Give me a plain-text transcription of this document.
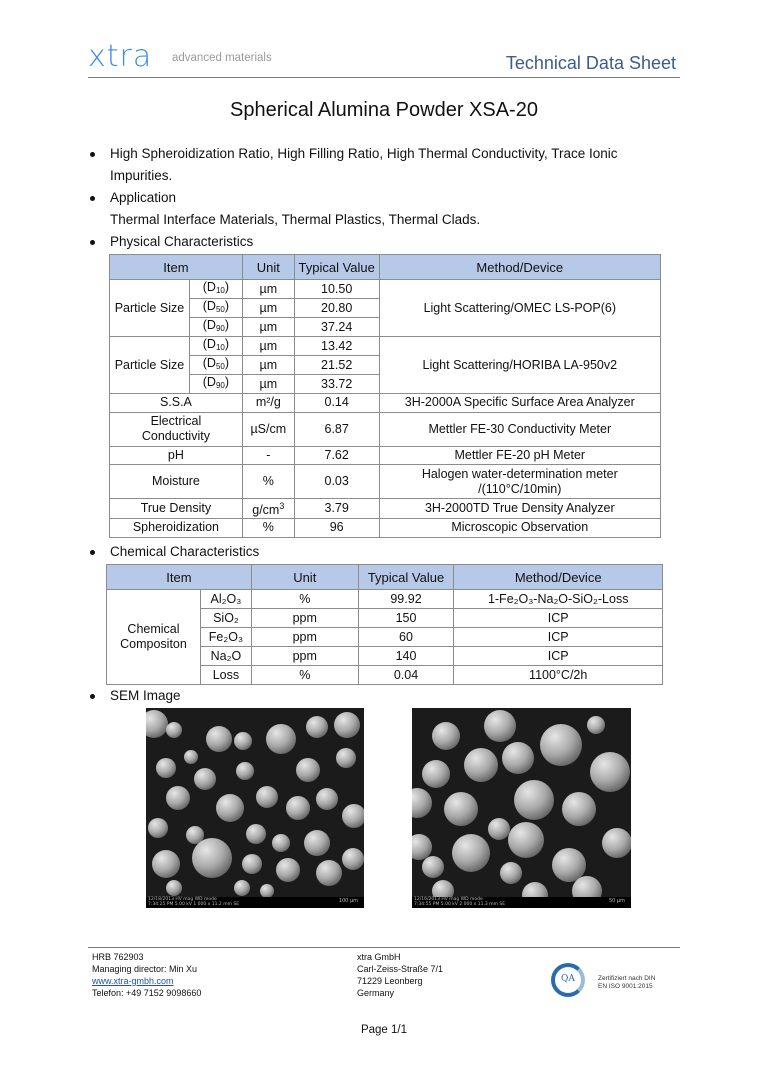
xtra advanced materials	Technical Data Sheet
Spherical Alumina Powder XSA-20
High Spheroidization Ratio, High Filling Ratio, High Thermal Conductivity, Trace Ionic Impurities.
Application
Thermal Interface Materials, Thermal Plastics, Thermal Clads.
Physical Characteristics
Item		Unit	Typical Value	Method/Device
Particle Size	$(D_{10})$	µm	10.50	Light Scattering/OMEC LS-POP(6)
	$(D_{50})$	µm	20.80	
	$(D_{90})$	µm	37.24	
Particle Size	$(D_{10})$	µm	13.42	Light Scattering/HORIBA LA-950v2
	$(D_{50})$	µm	21.52	
	$(D_{90})$	µm	33.72	
S.S.A		m²/g	0.14	3H-2000A Specific Surface Area Analyzer
Electrical Conductivity		µS/cm	6.87	Mettler FE-30 Conductivity Meter
pH		-	7.62	Mettler FE-20 pH Meter
Moisture		%	0.03	Halogen water-determination meter /(110°C/10min)
True Density		$g/cm^3$	3.79	3H-2000TD True Density Analyzer
Spheroidization		%	96	Microscopic Observation
Chemical Characteristics
Item		Unit	Typical Value	Method/Device
Chemical Compositon	Al₂O₃	%	99.92	1-Fe₂O₃-Na₂O-SiO₂-Loss
	SiO₂	ppm	150	ICP
	Fe₂O₃	ppm	60	ICP
	Na₂O	ppm	140	ICP
	Loss	%	0.04	1100°C/2h
SEM Image
12/18/2013 HV mag WD mode
7:34:25 PM 5.00 kV 1 000 x 11.2 mm SE
100 µm	12/16/2013 HV mag WD mode
7:34:55 PM 5.00 kV 2 000 x 11.3 mm SE
50 µm
HRB 762903
Managing director: Min Xu
www.xtra-gmbh.com
Telefon: +49 7152 9098660
xtra GmbH
Carl-Zeiss-Straße 7/1
71229 Leonberg
Germany
QA	Zertifiziert nach DIN
EN ISO 9001:2015
Page 1/1
